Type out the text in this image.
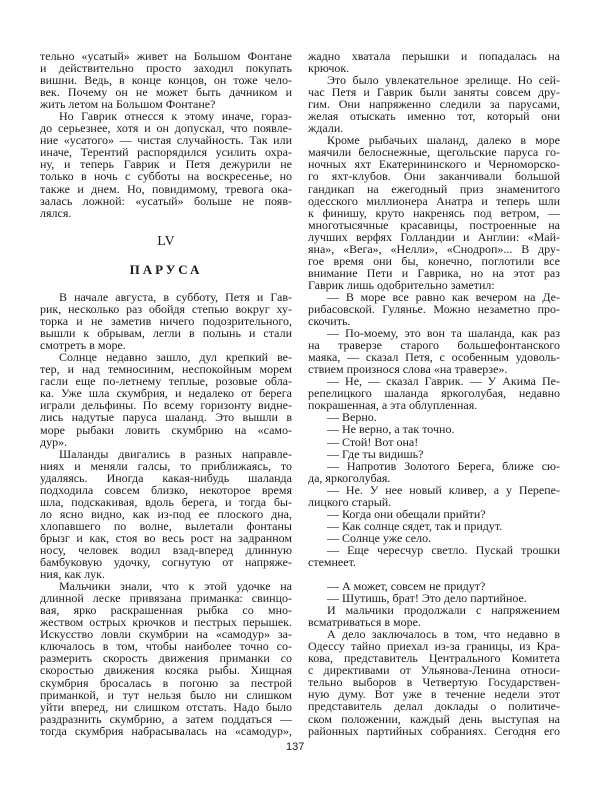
тельно «усатый» живет на Большом Фонтане
и действительно просто заходил покупать
вишни. Ведь, в конце концов, он тоже чело-
век. Почему он не может быть дачником и
жить летом на Большом Фонтане?
Но Гаврик отнесся к этому иначе, гораз-
до серьезнее, хотя и он допускал, что появле-
ние «усатого» — чистая случайность. Так или
иначе, Терентий распорядился усилить охра-
ну, и теперь Гаврик и Петя дежурили не
только в ночь с субботы на воскресенье, но
также и днем. Но, повидимому, тревога ока-
залась ложной: «усатый» больше не появ-
лялся.
LV
ПАРУСА
В начале августа, в субботу, Петя и Гав-
рик, несколько раз обойдя степью вокруг ху-
торка и не заметив ничего подозрительного,
вышли к обрывам, легли в полынь и стали
смотреть в море.
Солнце недавно зашло, дул крепкий ве-
тер, и над темносиним, неспокойным морем
гасли еще по-летнему теплые, розовые обла-
ка. Уже шла скумбрия, и недалеко от берега
играли дельфины. По всему горизонту видне-
лись надутые паруса шаланд. Это вышли в
море рыбаки ловить скумбрию на «само-
дур».
Шаланды двигались в разных направле-
ниях и меняли галсы, то приближаясь, то
удаляясь. Иногда какая-нибудь шаланда
подходила совсем близко, некоторое время
шла, подскакивая, вдоль берега, и тогда бы-
ло ясно видно, как из-под ее плоского дна,
хлопавшего по волне, вылетали фонтаны
брызг и как, стоя во весь рост на задранном
носу, человек водил взад-вперед длинную
бамбуковую удочку, согнутую от напряже-
ния, как лук.
Мальчики знали, что к этой удочке на
длинной леске привязана приманка: свинцо-
вая, ярко раскрашенная рыбка со мно-
жеством острых крючков и пестрых перышек.
Искусство ловли скумбрии на «самодур» за-
ключалось в том, чтобы наиболее точно со-
размерить скорость движения приманки со
скоростью движения косяка рыбы. Хищная
скумбрия бросалась в погоню за пестрой
приманкой, и тут нельзя было ни слишком
уйти вперед, ни слишком отстать. Надо было
раздразнить скумбрию, а затем поддаться —
тогда скумбрия набрасывалась на «самодур»,
жадно хватала перышки и попадалась на
крючок.
Это было увлекательное зрелище. Но сей-
час Петя и Гаврик были заняты совсем дру-
гим. Они напряженно следили за парусами,
желая отыскать именно тот, который они
ждали.
Кроме рыбачьих шаланд, далеко в море
маячили белоснежные, щегольские паруса го-
ночных яхт Екатерининского и Черноморско-
го яхт-клубов. Они заканчивали большой
гандикап на ежегодный приз знаменитого
одесского миллионера Анатра и теперь шли
к финишу, круто накренясь под ветром, —
многотысячные красавицы, построенные на
лучших верфях Голландии и Англии: «Май-
яна», «Вега», «Нелли», «Снодроп»... В дру-
гое время они бы, конечно, поглотили все
внимание Пети и Гаврика, но на этот раз
Гаврик лишь одобрительно заметил:
— В море все равно как вечером на Де-
рибасовской. Гулянье. Можно незаметно про-
скочить.
— По-моему, это вон та шаланда, как раз
на траверзе старого большефонтанского
маяка, — сказал Петя, с особенным удоволь-
ствием произнося слова «на траверзе».
— Не, — сказал Гаврик. — У Акима Пе-
репелицкого шаланда яркоголубая, недавно
покрашенная, а эта облупленная.
— Верно.
— Не верно, а так точно.
— Стой! Вот она!
— Где ты видишь?
— Напротив Золотого Берега, ближе сю-
да, яркоголубая.
— Не. У нее новый кливер, а у Перепе-
лицкого старый.
— Когда они обещали прийти?
— Как солнце сядет, так и придут.
— Солнце уже село.
— Еще чересчур светло. Пускай трошки
стемнеет.
— А может, совсем не придут?
— Шутишь, брат! Это дело партийное.
И мальчики продолжали с напряжением
всматриваться в море.
А дело заключалось в том, что недавно в
Одессу тайно приехал из-за границы, из Кра-
кова, представитель Центрального Комитета
с директивами от Ульянова-Ленина относи-
тельно выборов в Четвертую Государствен-
ную думу. Вот уже в течение недели этот
представитель делал доклады о политиче-
ском положении, каждый день выступая на
районных партийных собраниях. Сегодня его
137
